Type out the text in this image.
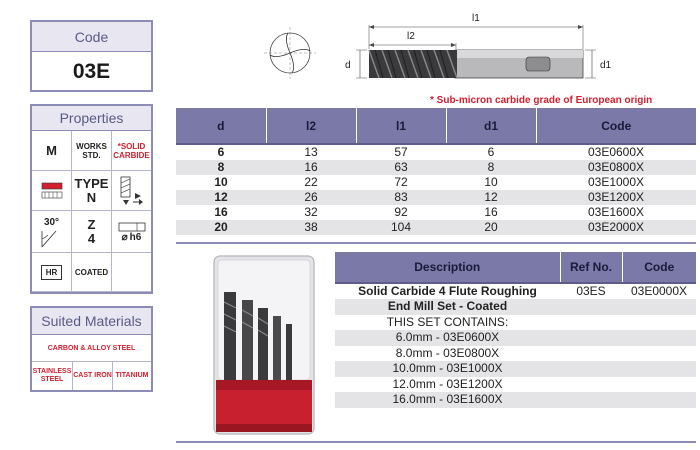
Code
03E
Properties
M	WORKS STD.
*SOLID CARBIDE
TYPE
N
30° Z
4	⌀ h6
HR	COATED
Suited Materials
CARBON & ALLOY STEEL
STAINLESS STEEL
CAST IRON TITANIUM
l1
l2
d	d1
* Sub-micron carbide grade of European origin
d	l2	l1	d1	Code
6	13	57	6	03E0600X
8	16	63	8	03E0800X
10	22	72	10	03E1000X
12	26	83	12	03E1200X
16	32	92	16	03E1600X
20	38	104	20	03E2000X
Description	Ref No.	Code
Solid Carbide 4 Flute Roughing	03ES	03E0000X
End Mill Set - Coated		
THIS SET CONTAINS:		
6.0mm - 03E0600X		
8.0mm - 03E0800X		
10.0mm - 03E1000X		
12.0mm - 03E1200X		
16.0mm - 03E1600X		
